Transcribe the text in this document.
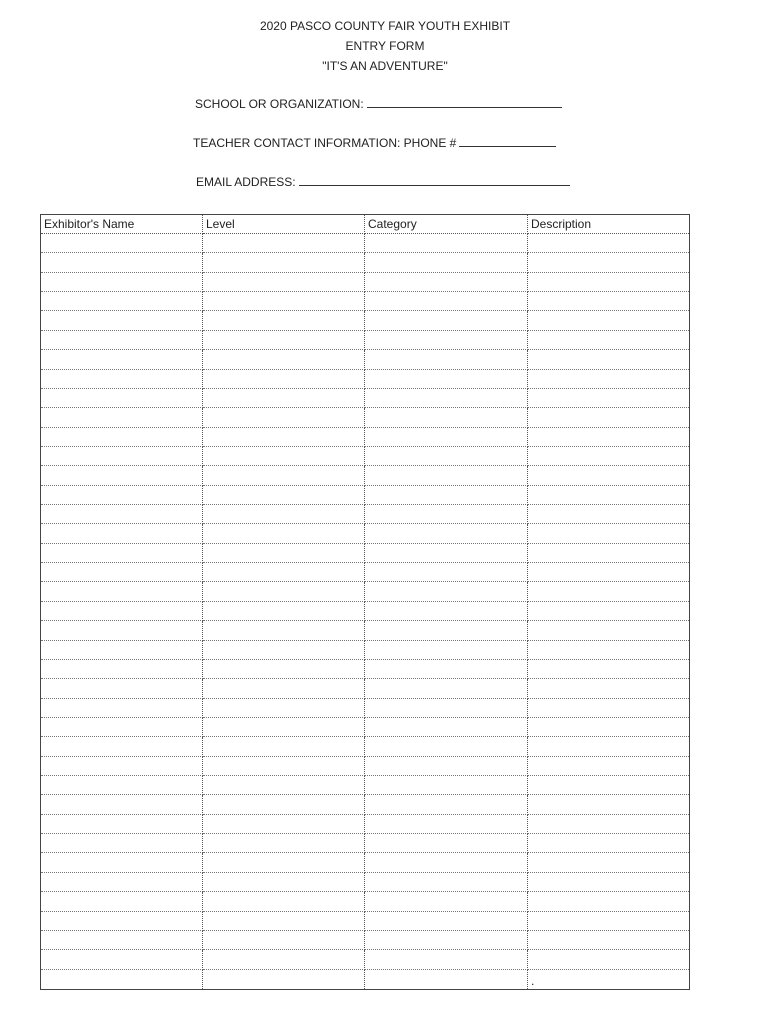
2020 PASCO COUNTY FAIR YOUTH EXHIBIT
ENTRY FORM
"IT'S AN ADVENTURE"
SCHOOL OR ORGANIZATION:
TEACHER CONTACT INFORMATION: PHONE #
EMAIL ADDRESS:
Exhibitor's Name	Level	Category	Description
.
